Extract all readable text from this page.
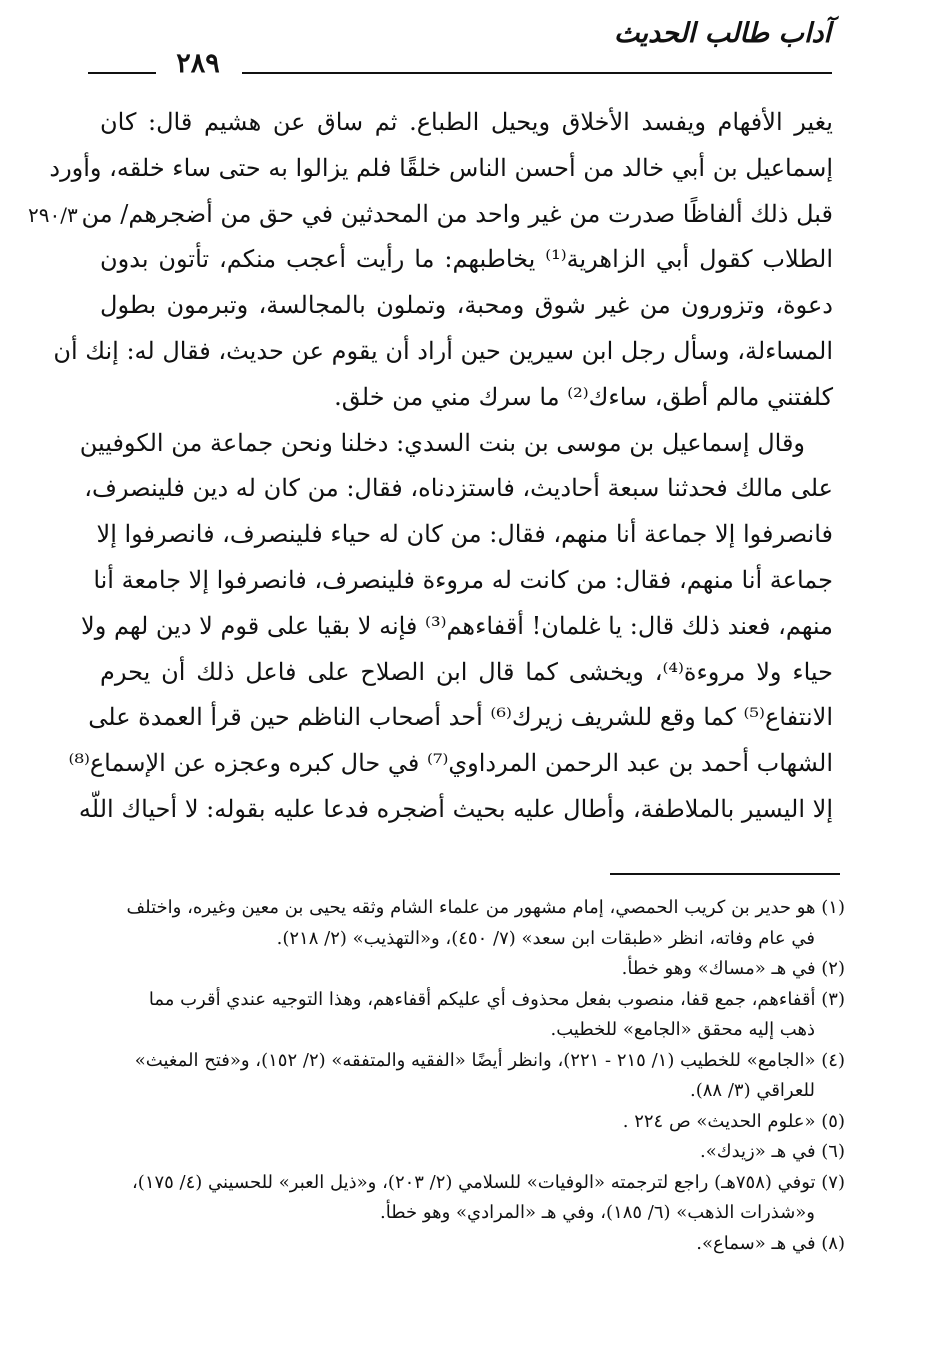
آداب طالب الحديث
٢٨٩
٢٩٠/٣
يغير الأفهام ويفسد الأخلاق ويحيل الطباع. ثم ساق عن هشيم قال: كان
إسماعيل بن أبي خالد من أحسن الناس خلقًا فلم يزالوا به حتى ساء خلقه، وأورد
قبل ذلك ألفاظًا صدرت من غير واحد من المحدثين في حق من أضجرهم/ من
الطلاب كقول أبي الزاهرية⁽¹⁾ يخاطبهم: ما رأيت أعجب منكم، تأتون بدون
دعوة، وتزورون من غير شوق ومحبة، وتملون بالمجالسة، وتبرمون بطول
المساءلة، وسأل رجل ابن سيرين حين أراد أن يقوم عن حديث، فقال له: إنك أن
كلفتني مالم أطق، ساءك⁽²⁾ ما سرك مني من خلق.
وقال إسماعيل بن موسى بن بنت السدي: دخلنا ونحن جماعة من الكوفيين
على مالك فحدثنا سبعة أحاديث، فاستزدناه، فقال: من كان له دين فلينصرف،
فانصرفوا إلا جماعة أنا منهم، فقال: من كان له حياء فلينصرف، فانصرفوا إلا
جماعة أنا منهم، فقال: من كانت له مروءة فلينصرف، فانصرفوا إلا جامعة أنا
منهم، فعند ذلك قال: يا غلمان! أقفاءهم⁽³⁾ فإنه لا بقيا على قوم لا دين لهم ولا
حياء ولا مروءة⁽⁴⁾، ويخشى كما قال ابن الصلاح على فاعل ذلك أن يحرم
الانتفاع⁽⁵⁾ كما وقع للشريف زيرك⁽⁶⁾ أحد أصحاب الناظم حين قرأ العمدة على
الشهاب أحمد بن عبد الرحمن المرداوي⁽⁷⁾ في حال كبره وعجزه عن الإسماع⁽⁸⁾
إلا اليسير بالملاطفة، وأطال عليه بحيث أضجره فدعا عليه بقوله: لا أحياك اللّه
(١) هو حدير بن كريب الحمصي، إمام مشهور من علماء الشام وثقه يحيى بن معين وغيره، واختلف
في عام وفاته، انظر «طبقات ابن سعد» (٧/ ٤٥٠)، و«التهذيب» (٢/ ٢١٨).
(٢) في هـ «مساك» وهو خطأ.
(٣) أقفاءهم، جمع قفا، منصوب بفعل محذوف أي عليكم أقفاءهم، وهذا التوجيه عندي أقرب مما
ذهب إليه محقق «الجامع» للخطيب.
(٤) «الجامع» للخطيب (١/ ٢١٥ - ٢٢١)، وانظر أيضًا «الفقيه والمتفقه» (٢/ ١٥٢)، و«فتح المغيث»
للعراقي (٣/ ٨٨).
(٥) «علوم الحديث» ص ٢٢٤ .
(٦) في هـ «زيدك».
(٧) توفي (٧٥٨هـ) راجع لترجمته «الوفيات» للسلامي (٢/ ٢٠٣)، و«ذيل العبر» للحسيني (٤/ ١٧٥)،
و«شذرات الذهب» (٦/ ١٨٥)، وفي هـ «المرادي» وهو خطأ.
(٨) في هـ «سماع».
